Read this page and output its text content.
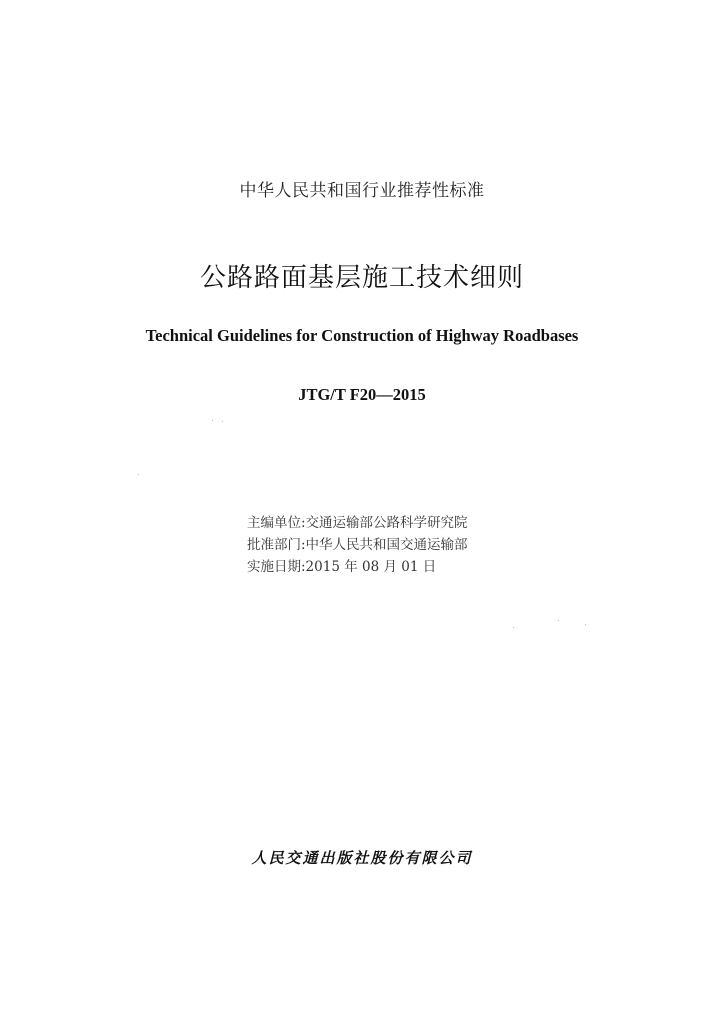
中华人民共和国行业推荐性标准
公路路面基层施工技术细则
Technical Guidelines for Construction of Highway Roadbases
JTG/T F20—2015
主编单位:交通运输部公路科学研究院
批准部门:中华人民共和国交通运输部
实施日期:2015 年 08 月 01 日
人民交通出版社股份有限公司
